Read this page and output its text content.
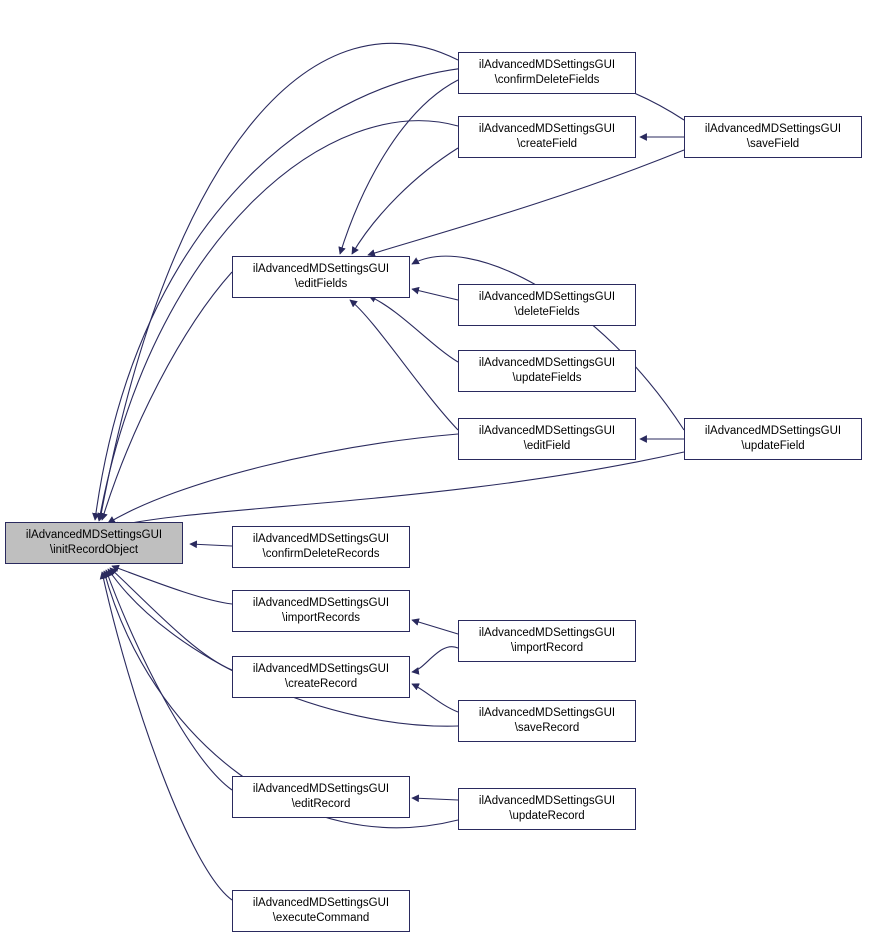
ilAdvancedMDSettingsGUI
\initRecordObject
ilAdvancedMDSettingsGUI
\confirmDeleteFields
ilAdvancedMDSettingsGUI
\createField
ilAdvancedMDSettingsGUI
\saveField
ilAdvancedMDSettingsGUI
\editFields
ilAdvancedMDSettingsGUI
\deleteFields
ilAdvancedMDSettingsGUI
\updateFields
ilAdvancedMDSettingsGUI
\editField
ilAdvancedMDSettingsGUI
\updateField
ilAdvancedMDSettingsGUI
\confirmDeleteRecords
ilAdvancedMDSettingsGUI
\importRecords
ilAdvancedMDSettingsGUI
\importRecord
ilAdvancedMDSettingsGUI
\createRecord
ilAdvancedMDSettingsGUI
\saveRecord
ilAdvancedMDSettingsGUI
\editRecord	ilAdvancedMDSettingsGUI
\updateRecord
ilAdvancedMDSettingsGUI
\executeCommand
